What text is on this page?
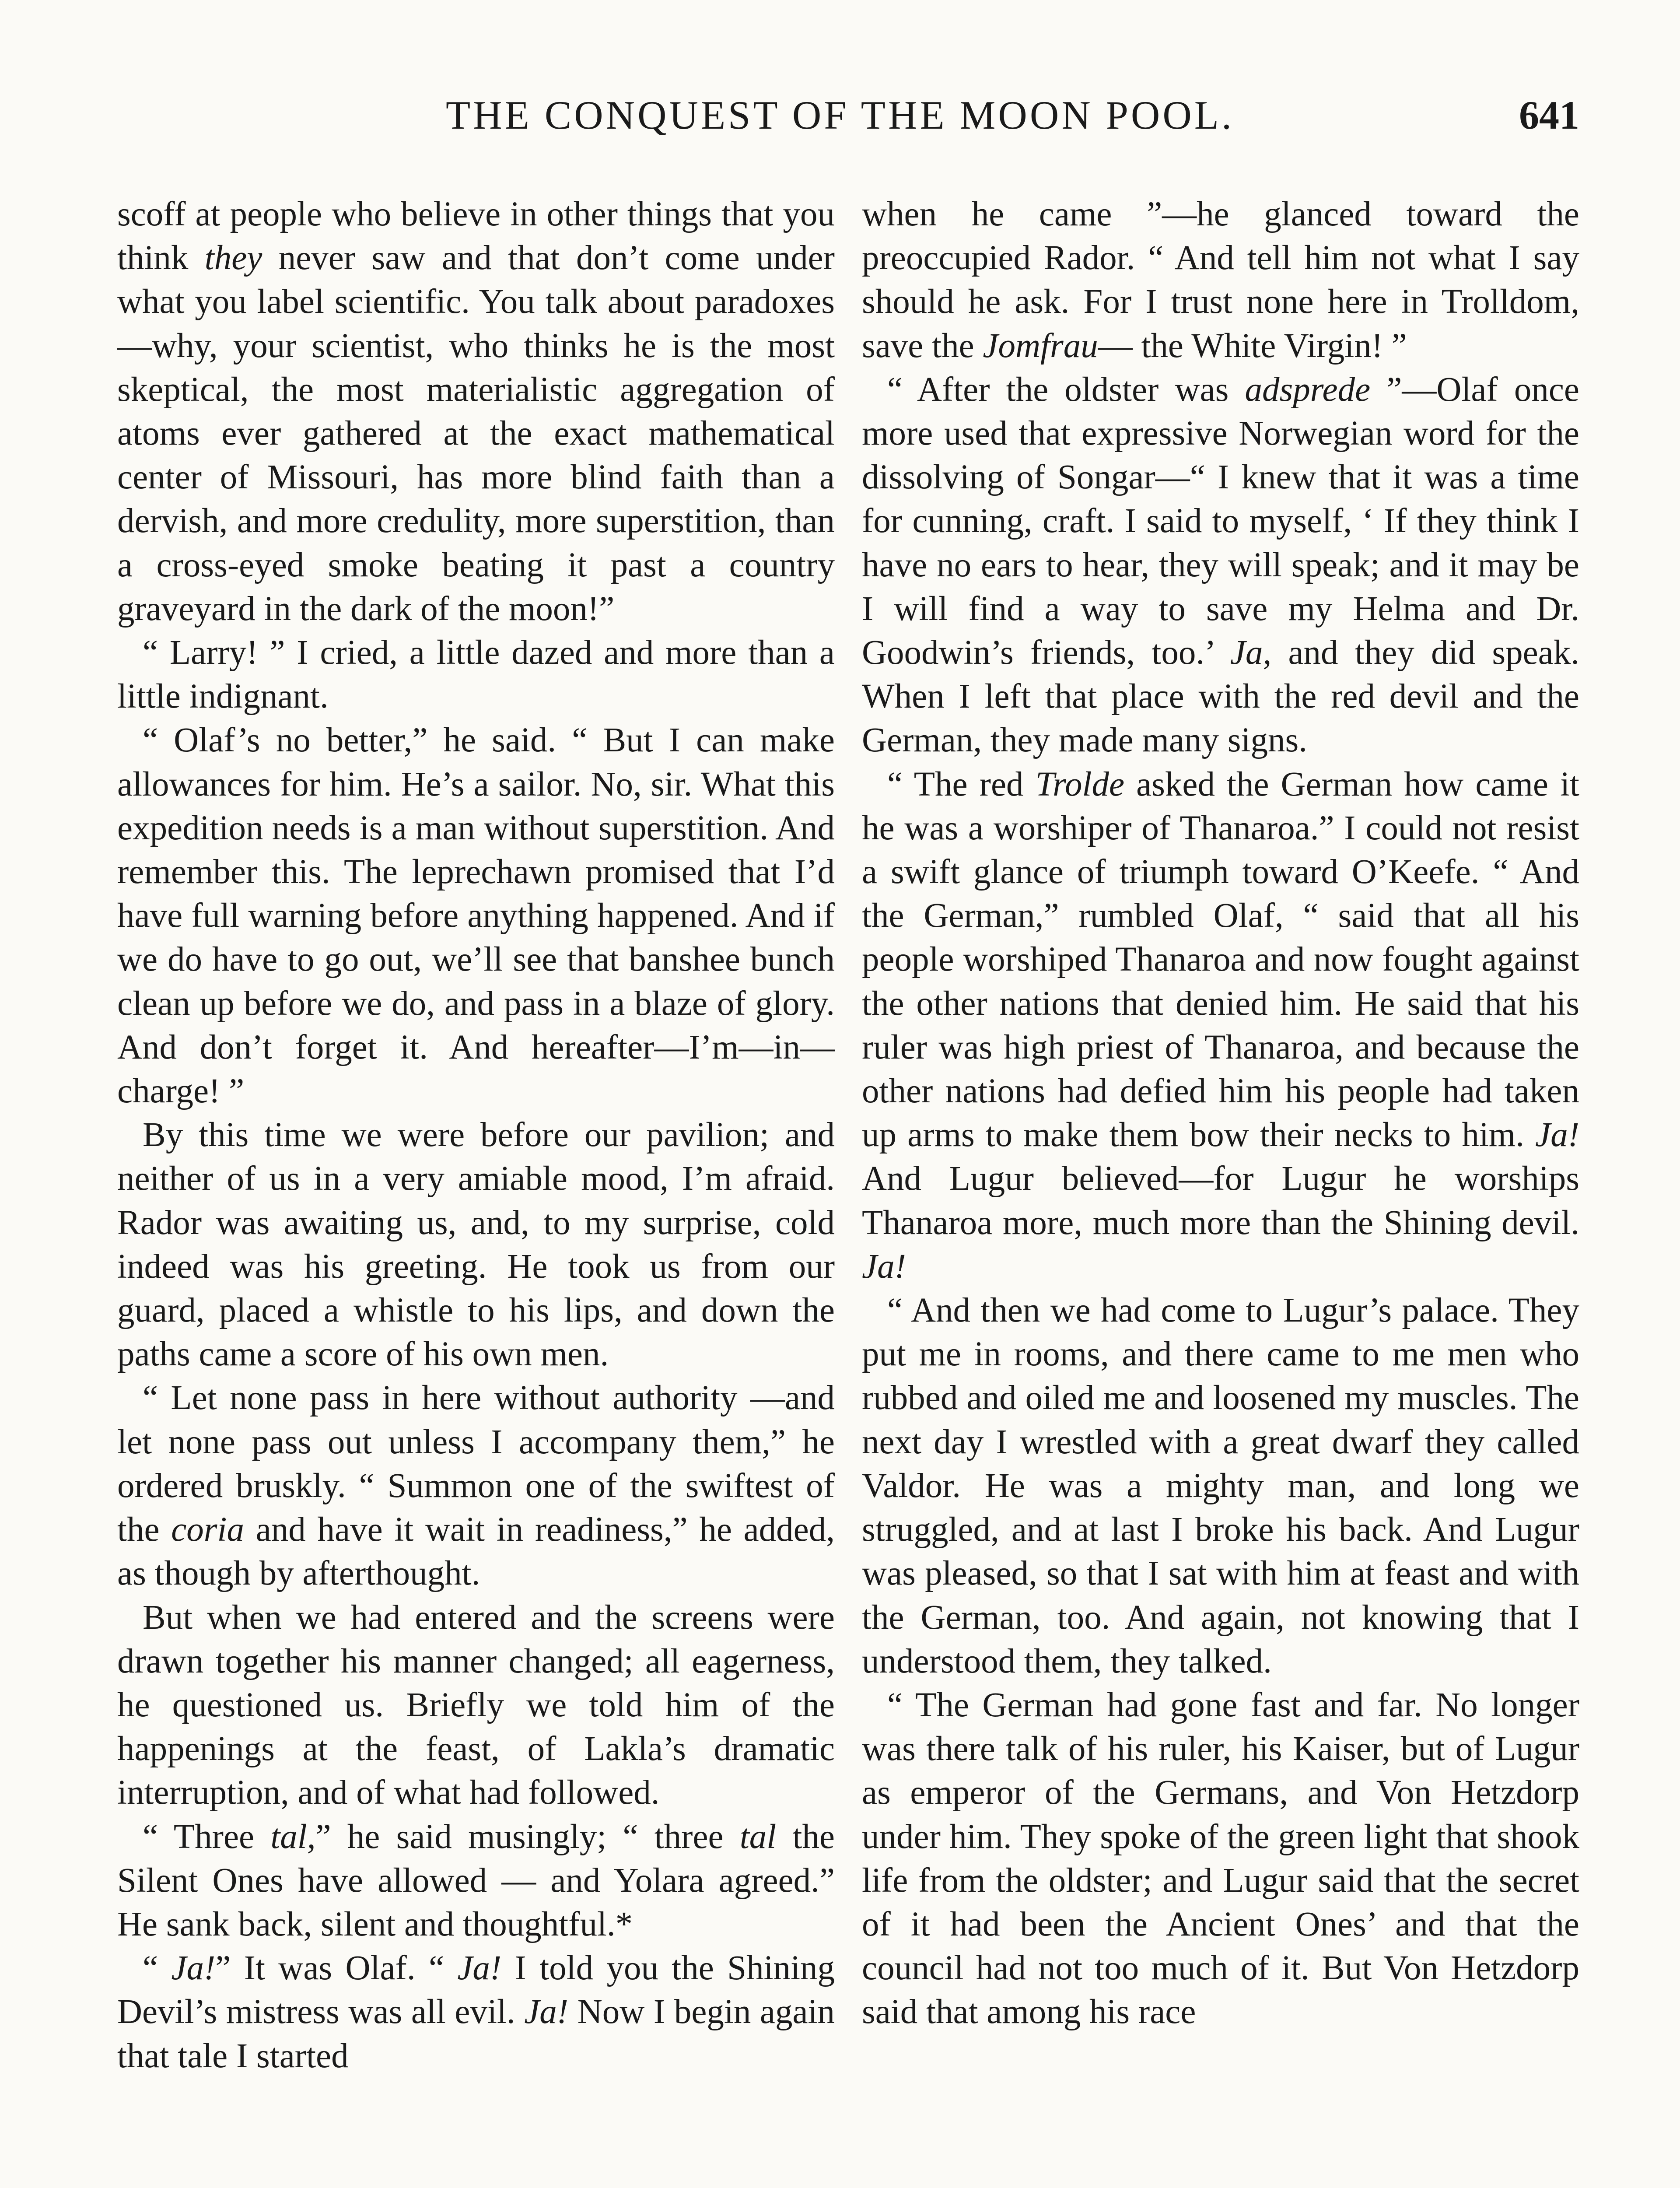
THE CONQUEST OF THE MOON POOL.	641

scoff at people who believe in other things that you think they never saw and that don’t come under what you label scientific. You talk about paradoxes—why, your scientist, who thinks he is the most skeptical, the most materialistic aggregation of atoms ever gathered at the exact mathematical center of Missouri, has more blind faith than a dervish, and more credulity, more superstition, than a cross-eyed smoke beating it past a country graveyard in the dark of the moon!”

“ Larry! ” I cried, a little dazed and more than a little indignant.

“ Olaf’s no better,” he said. “ But I can make allowances for him. He’s a sailor. No, sir. What this expedition needs is a man without superstition. And remember this. The leprechawn promised that I’d have full warning before anything happened. And if we do have to go out, we’ll see that banshee bunch clean up before we do, and pass in a blaze of glory. And don’t forget it. And hereafter—I’m—in—charge! ”

By this time we were before our pavilion; and neither of us in a very amiable mood, I’m afraid. Rador was awaiting us, and, to my surprise, cold indeed was his greeting. He took us from our guard, placed a whistle to his lips, and down the paths came a score of his own men.

“ Let none pass in here without authority —and let none pass out unless I accompany them,” he ordered bruskly. “ Summon one of the swiftest of the coria and have it wait in readiness,” he added, as though by afterthought.

But when we had entered and the screens were drawn together his manner changed; all eagerness, he questioned us. Briefly we told him of the happenings at the feast, of Lakla’s dramatic interruption, and of what had followed.

“ Three tal,” he said musingly; “ three tal the Silent Ones have allowed — and Yolara agreed.” He sank back, silent and thoughtful.*

“ Ja!” It was Olaf. “ Ja! I told you the Shining Devil’s mistress was all evil. Ja! Now I begin again that tale I started

when he came ”—he glanced toward the preoccupied Rador. “ And tell him not what I say should he ask. For I trust none here in Trolldom, save the Jomfrau— the White Virgin! ”

“ After the oldster was adsprede ”—Olaf once more used that expressive Norwegian word for the dissolving of Songar—“ I knew that it was a time for cunning, craft. I said to myself, ‘ If they think I have no ears to hear, they will speak; and it may be I will find a way to save my Helma and Dr. Goodwin’s friends, too.’ Ja, and they did speak. When I left that place with the red devil and the German, they made many signs.

“ The red Trolde asked the German how came it he was a worshiper of Thanaroa.” I could not resist a swift glance of triumph toward O’Keefe. “ And the German,” rumbled Olaf, “ said that all his people worshiped Thanaroa and now fought against the other nations that denied him. He said that his ruler was high priest of Thanaroa, and because the other nations had defied him his people had taken up arms to make them bow their necks to him. Ja! And Lugur believed—for Lugur he worships Thanaroa more, much more than the Shining devil. Ja!

“ And then we had come to Lugur’s palace. They put me in rooms, and there came to me men who rubbed and oiled me and loosened my muscles. The next day I wrestled with a great dwarf they called Valdor. He was a mighty man, and long we struggled, and at last I broke his back. And Lugur was pleased, so that I sat with him at feast and with the German, too. And again, not knowing that I understood them, they talked.

“ The German had gone fast and far. No longer was there talk of his ruler, his Kaiser, but of Lugur as emperor of the Germans, and Von Hetzdorp under him. They spoke of the green light that shook life from the oldster; and Lugur said that the secret of it had been the Ancient Ones’ and that the council had not too much of it. But Von Hetzdorp said that among his race
